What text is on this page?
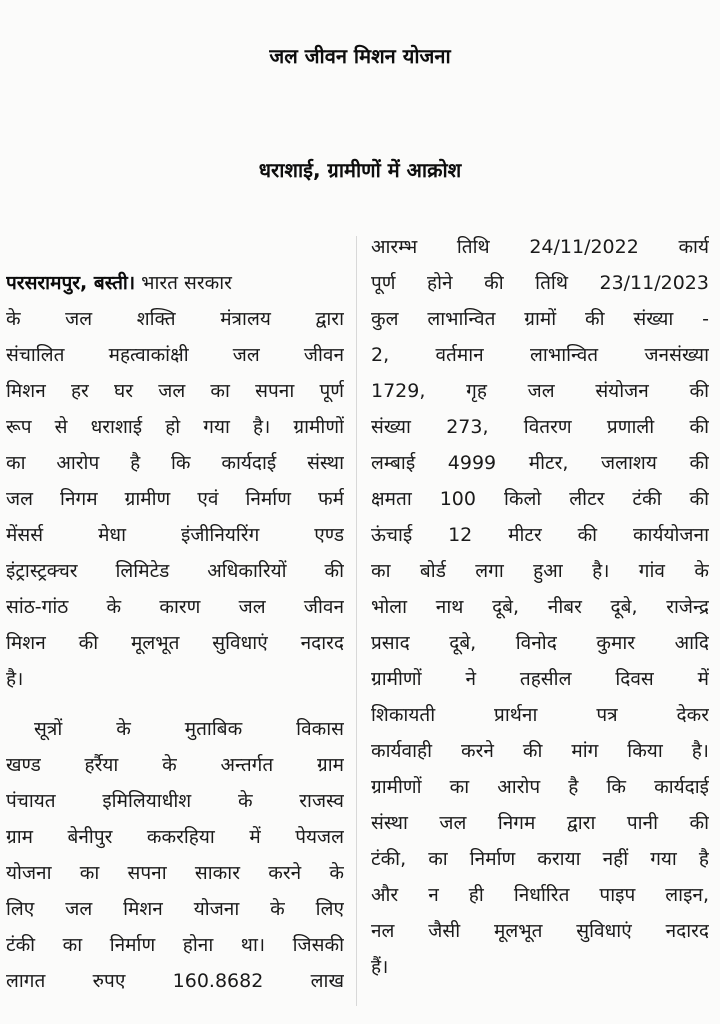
जल जीवन मिशन योजना
धराशाई, ग्रामीणों में आक्रोश
परसरामपुर, बस्ती। भारत सरकार
के जल शक्ति मंत्रालय द्वारा
संचालित महत्वाकांक्षी जल जीवन
मिशन हर घर जल का सपना पूर्ण
रूप से धराशाई हो गया है। ग्रामीणों
का आरोप है कि कार्यदाई संस्था
जल निगम ग्रामीण एवं निर्माण फर्म
मेंसर्स मेधा इंजीनियरिंग एण्ड
इंट्रास्ट्रक्चर लिमिटेड अधिकारियों की
सांठ-गांठ के कारण जल जीवन
मिशन की मूलभूत सुविधाएं नदारद
है।
सूत्रों के मुताबिक विकास
खण्ड हर्रैया के अन्तर्गत ग्राम
पंचायत इमिलियाधीश के राजस्व
ग्राम बेनीपुर ककरहिया में पेयजल
योजना का सपना साकार करने के
लिए जल मिशन योजना के लिए
टंकी का निर्माण होना था। जिसकी
लागत रुपए 160.8682 लाख
आरम्भ तिथि 24/11/2022 कार्य
पूर्ण होने की तिथि 23/11/2023
कुल लाभान्वित ग्रामों की संख्या -
2, वर्तमान लाभान्वित जनसंख्या
1729, गृह जल संयोजन की
संख्या 273, वितरण प्रणाली की
लम्बाई 4999 मीटर, जलाशय की
क्षमता 100 किलो लीटर टंकी की
ऊंचाई 12 मीटर की कार्ययोजना
का बोर्ड लगा हुआ है। गांव के
भोला नाथ दूबे, नीबर दूबे, राजेन्द्र
प्रसाद दूबे, विनोद कुमार आदि
ग्रामीणों ने तहसील दिवस में
शिकायती प्रार्थना पत्र देकर
कार्यवाही करने की मांग किया है।
ग्रामीणों का आरोप है कि कार्यदाई
संस्था जल निगम द्वारा पानी की
टंकी, का निर्माण कराया नहीं गया है
और न ही निर्धारित पाइप लाइन,
नल जैसी मूलभूत सुविधाएं नदारद
हैं।
